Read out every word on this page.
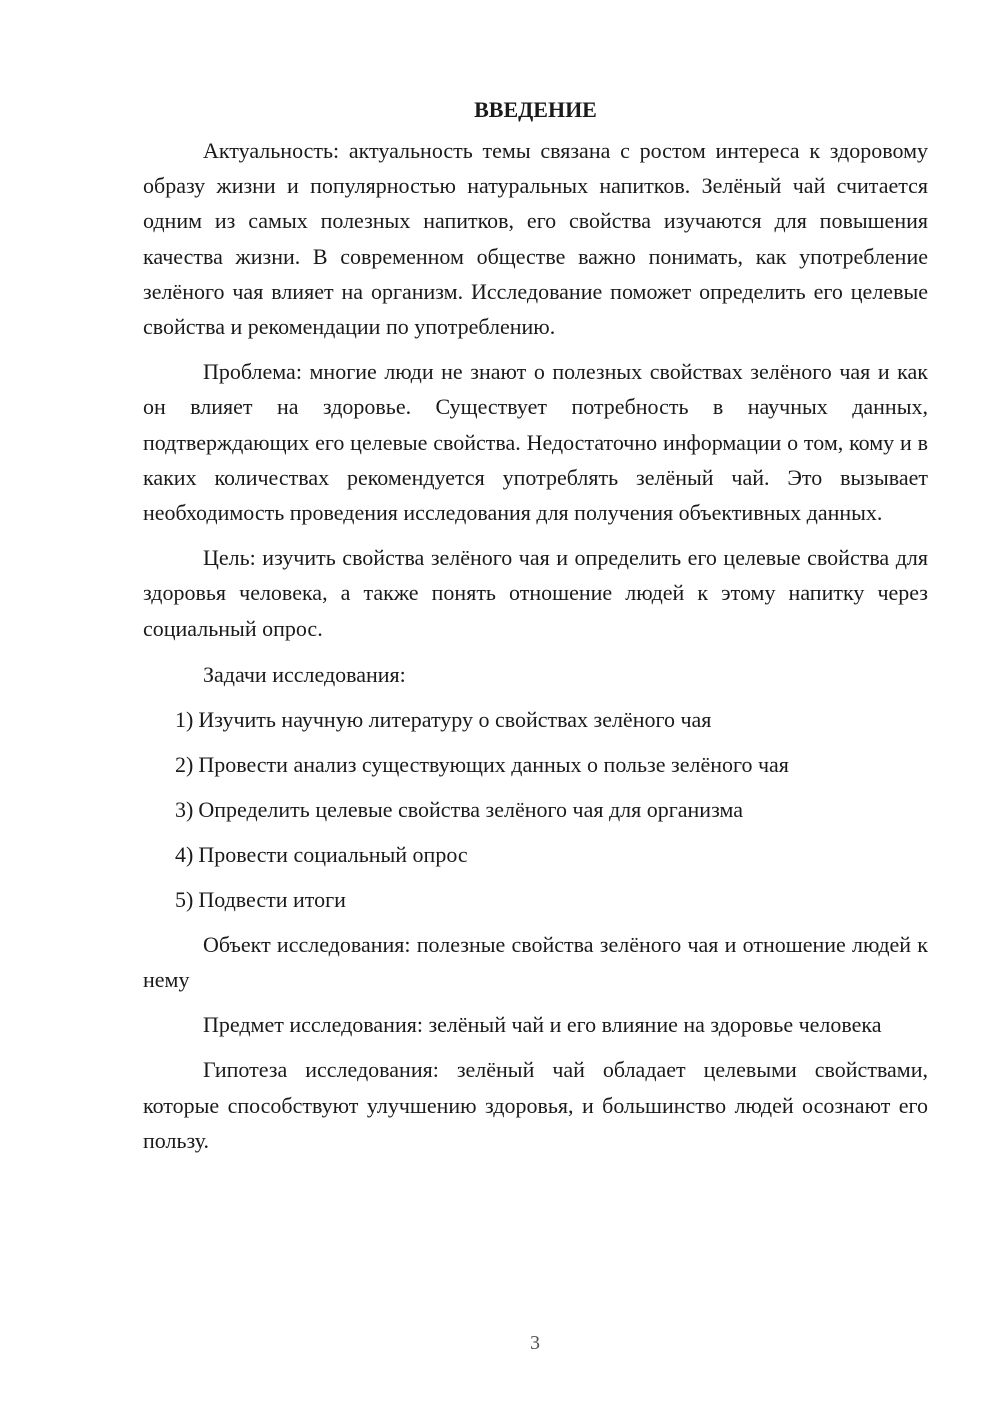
ВВЕДЕНИЕ

Актуальность: актуальность темы связана с ростом интереса к здоровому образу жизни и популярностью натуральных напитков. Зелёный чай считается одним из самых полезных напитков, его свойства изучаются для повышения качества жизни. В современном обществе важно понимать, как употребление зелёного чая влияет на организм. Исследование поможет определить его целевые свойства и рекомендации по употреблению.

Проблема: многие люди не знают о полезных свойствах зелёного чая и как он влияет на здоровье. Существует потребность в научных данных, подтверждающих его целевые свойства. Недостаточно информации о том, кому и в каких количествах рекомендуется употреблять зелёный чай. Это вызывает необходимость проведения исследования для получения объективных данных.

Цель: изучить свойства зелёного чая и определить его целевые свойства для здоровья человека, а также понять отношение людей к этому напитку через социальный опрос.

Задачи исследования:

1) Изучить научную литературу о свойствах зелёного чая
2) Провести анализ существующих данных о пользе зелёного чая
3) Определить целевые свойства зелёного чая для организма
4) Провести социальный опрос
5) Подвести итоги

Объект исследования: полезные свойства зелёного чая и отношение людей к нему

Предмет исследования: зелёный чай и его влияние на здоровье человека

Гипотеза исследования: зелёный чай обладает целевыми свойствами, которые способствуют улучшению здоровья, и большинство людей осознают его пользу.

3
